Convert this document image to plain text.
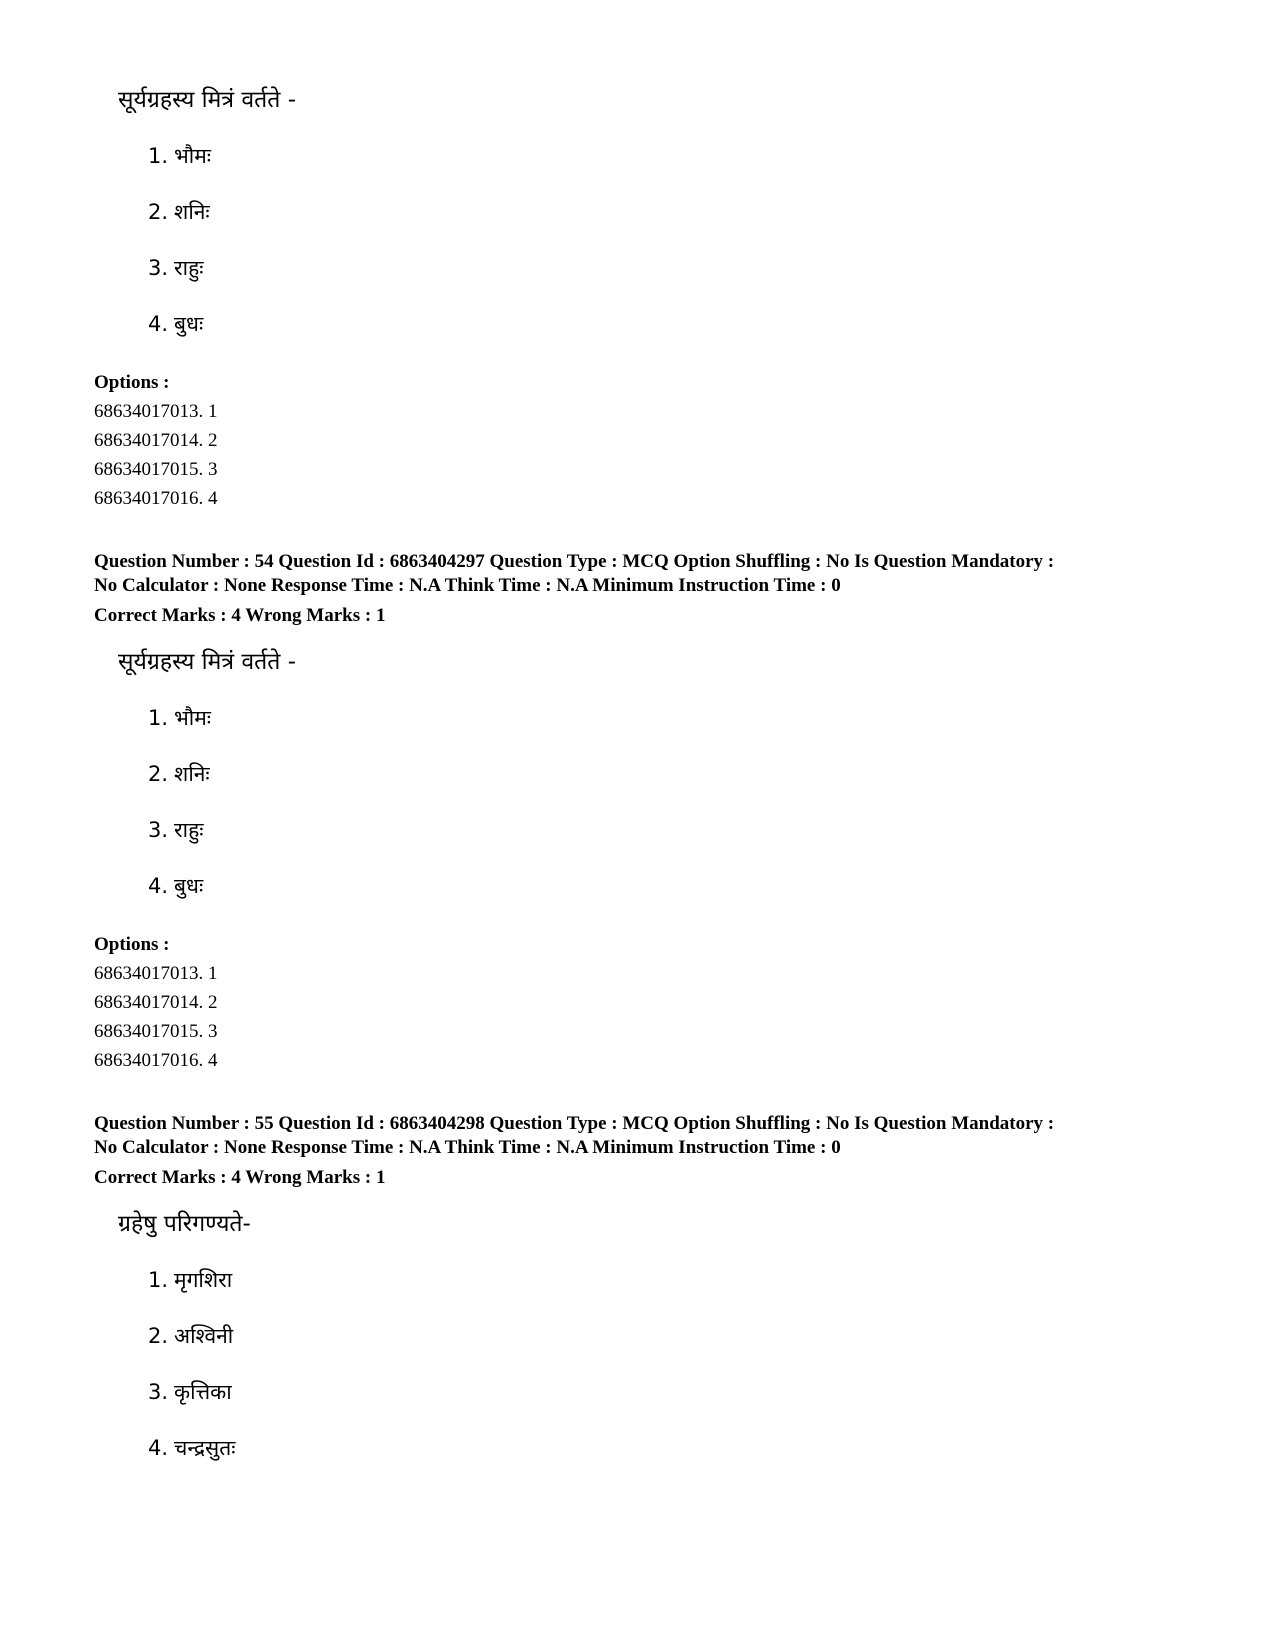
सूर्यग्रहस्य मित्रं वर्तते -
1. भौमः
2. शनिः
3. राहुः
4. बुधः
Options :
68634017013. 1
68634017014. 2
68634017015. 3
68634017016. 4
Question Number : 54 Question Id : 6863404297 Question Type : MCQ Option Shuffling : No Is Question Mandatory :
No Calculator : None Response Time : N.A Think Time : N.A Minimum Instruction Time : 0
Correct Marks : 4 Wrong Marks : 1
सूर्यग्रहस्य मित्रं वर्तते -
1. भौमः
2. शनिः
3. राहुः
4. बुधः
Options :
68634017013. 1
68634017014. 2
68634017015. 3
68634017016. 4
Question Number : 55 Question Id : 6863404298 Question Type : MCQ Option Shuffling : No Is Question Mandatory :
No Calculator : None Response Time : N.A Think Time : N.A Minimum Instruction Time : 0
Correct Marks : 4 Wrong Marks : 1
ग्रहेषु परिगण्यते-
1. मृगशिरा
2. अश्विनी
3. कृत्तिका
4. चन्द्रसुतः
